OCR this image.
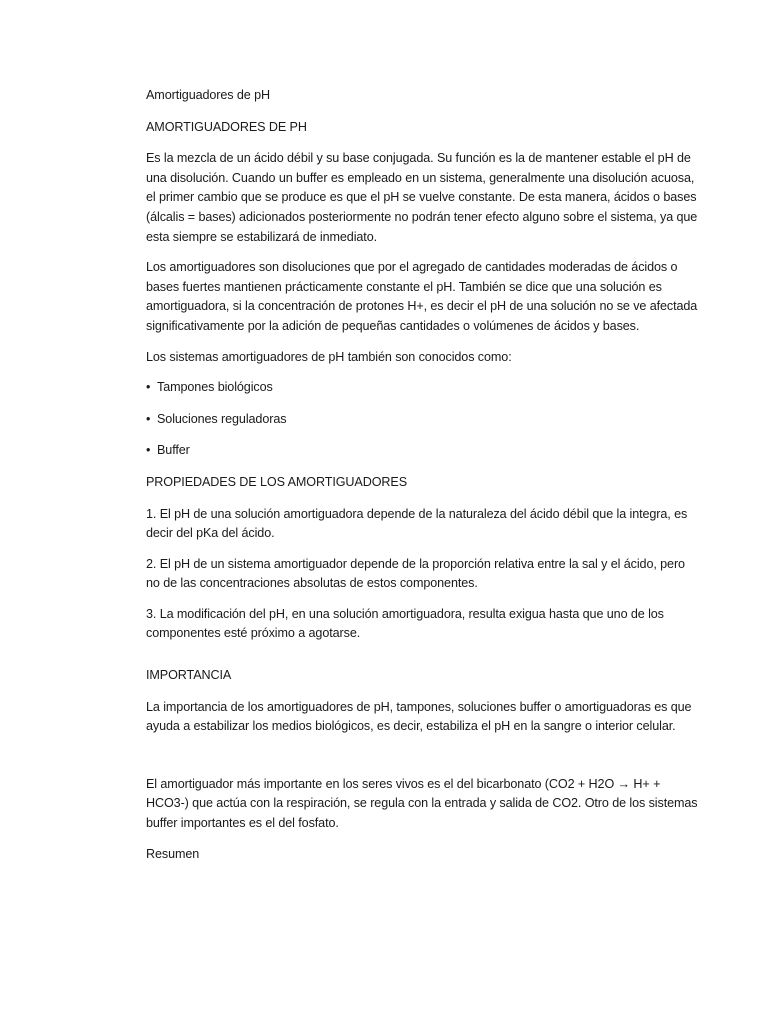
Amortiguadores de pH

AMORTIGUADORES DE PH

Es la mezcla de un ácido débil y su base conjugada. Su función es la de mantener estable el pH de una disolución. Cuando un buffer es empleado en un sistema, generalmente una disolución acuosa, el primer cambio que se produce es que el pH se vuelve constante. De esta manera, ácidos o bases (álcalis = bases) adicionados posteriormente no podrán tener efecto alguno sobre el sistema, ya que esta siempre se estabilizará de inmediato.

Los amortiguadores son disoluciones que por el agregado de cantidades moderadas de ácidos o bases fuertes mantienen prácticamente constante el pH. También se dice que una solución es amortiguadora, si la concentración de protones H+, es decir el pH de una solución no se ve afectada significativamente por la adición de pequeñas cantidades o volúmenes de ácidos y bases.

Los sistemas amortiguadores de pH también son conocidos como:

• Tampones biológicos

• Soluciones reguladoras

• Buffer

PROPIEDADES DE LOS AMORTIGUADORES

1. El pH de una solución amortiguadora depende de la naturaleza del ácido débil que la integra, es decir del pKa del ácido.

2. El pH de un sistema amortiguador depende de la proporción relativa entre la sal y el ácido, pero no de las concentraciones absolutas de estos componentes.

3. La modificación del pH, en una solución amortiguadora, resulta exigua hasta que uno de los componentes esté próximo a agotarse.

IMPORTANCIA

La importancia de los amortiguadores de pH, tampones, soluciones buffer o amortiguadoras es que ayuda a estabilizar los medios biológicos, es decir, estabiliza el pH en la sangre o interior celular.

El amortiguador más importante en los seres vivos es el del bicarbonato (CO2 + H2O → H+ + HCO3-) que actúa con la respiración, se regula con la entrada y salida de CO2. Otro de los sistemas buffer importantes es el del fosfato.

Resumen
